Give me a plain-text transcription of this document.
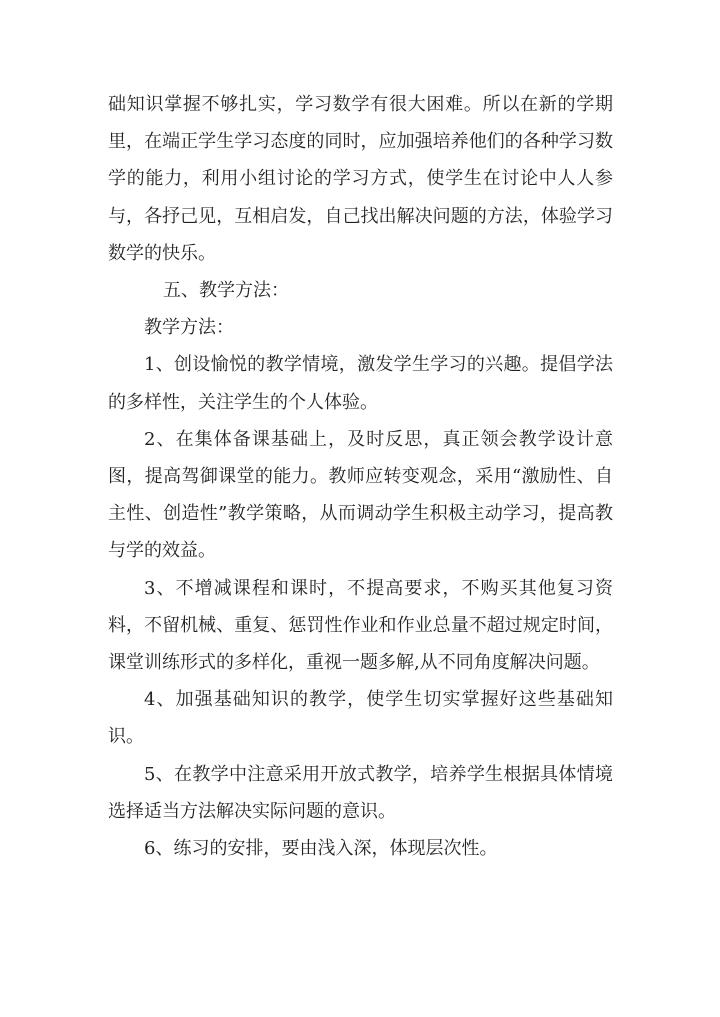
础知识掌握不够扎实，学习数学有很大困难。所以在新的学期里，在端正学生学习态度的同时，应加强培养他们的各种学习数学的能力，利用小组讨论的学习方式，使学生在讨论中人人参与，各抒己见，互相启发，自己找出解决问题的方法，体验学习数学的快乐。

五、教学方法：

教学方法：

1、创设愉悦的教学情境，激发学生学习的兴趣。提倡学法的多样性，关注学生的个人体验。

2、在集体备课基础上，及时反思，真正领会教学设计意图，提高驾御课堂的能力。教师应转变观念，采用“激励性、自主性、创造性”教学策略，从而调动学生积极主动学习，提高教与学的效益。

3、不增减课程和课时，不提高要求，不购买其他复习资料，不留机械、重复、惩罚性作业和作业总量不超过规定时间，课堂训练形式的多样化，重视一题多解,从不同角度解决问题。

4、加强基础知识的教学，使学生切实掌握好这些基础知识。

5、在教学中注意采用开放式教学，培养学生根据具体情境选择适当方法解决实际问题的意识。

6、练习的安排，要由浅入深，体现层次性。
